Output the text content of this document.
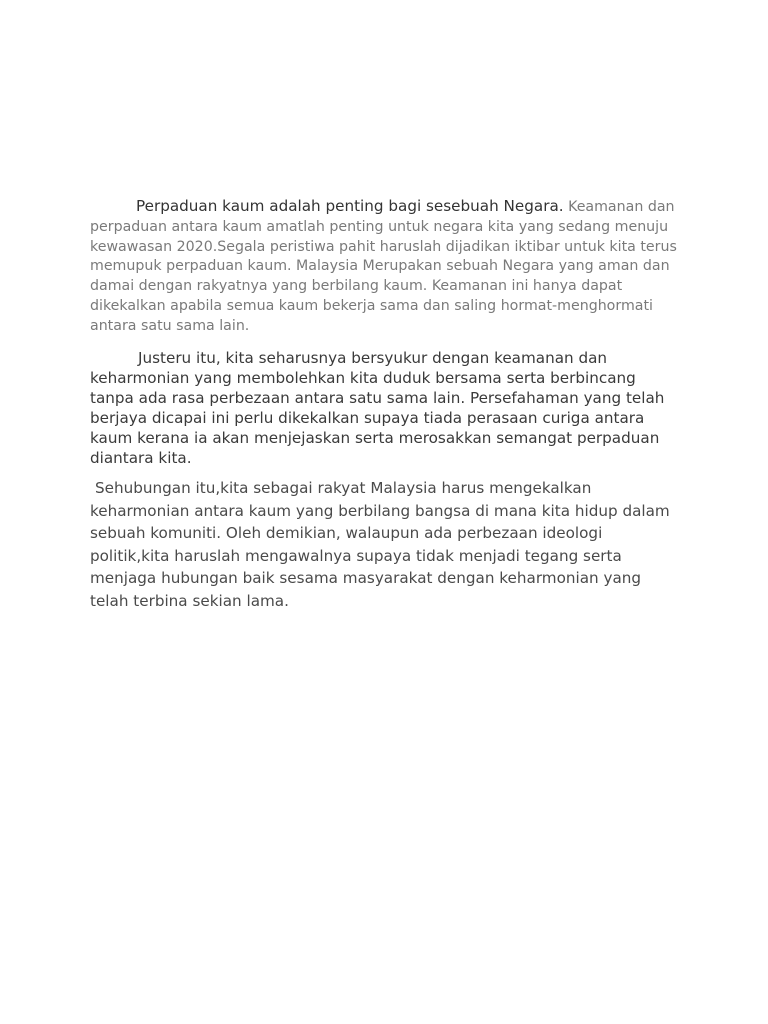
Perpaduan kaum adalah penting bagi sesebuah Negara. Keamanan dan perpaduan antara kaum amatlah penting untuk negara kita yang sedang menuju kewawasan 2020.Segala peristiwa pahit haruslah dijadikan iktibar untuk kita terus memupuk perpaduan kaum. Malaysia Merupakan sebuah Negara yang aman dan damai dengan rakyatnya yang berbilang kaum. Keamanan ini hanya dapat dikekalkan apabila semua kaum bekerja sama dan saling hormat-menghormati antara satu sama lain.

Justeru itu, kita seharusnya bersyukur dengan keamanan dan keharmonian yang membolehkan kita duduk bersama serta berbincang tanpa ada rasa perbezaan antara satu sama lain. Persefahaman yang telah berjaya dicapai ini perlu dikekalkan supaya tiada perasaan curiga antara kaum kerana ia akan menjejaskan serta merosakkan semangat perpaduan diantara kita.

Sehubungan itu,kita sebagai rakyat Malaysia harus mengekalkan keharmonian antara kaum yang berbilang bangsa di mana kita hidup dalam sebuah komuniti. Oleh demikian, walaupun ada perbezaan ideologi politik,kita haruslah mengawalnya supaya tidak menjadi tegang serta menjaga hubungan baik sesama masyarakat dengan keharmonian yang telah terbina sekian lama.
